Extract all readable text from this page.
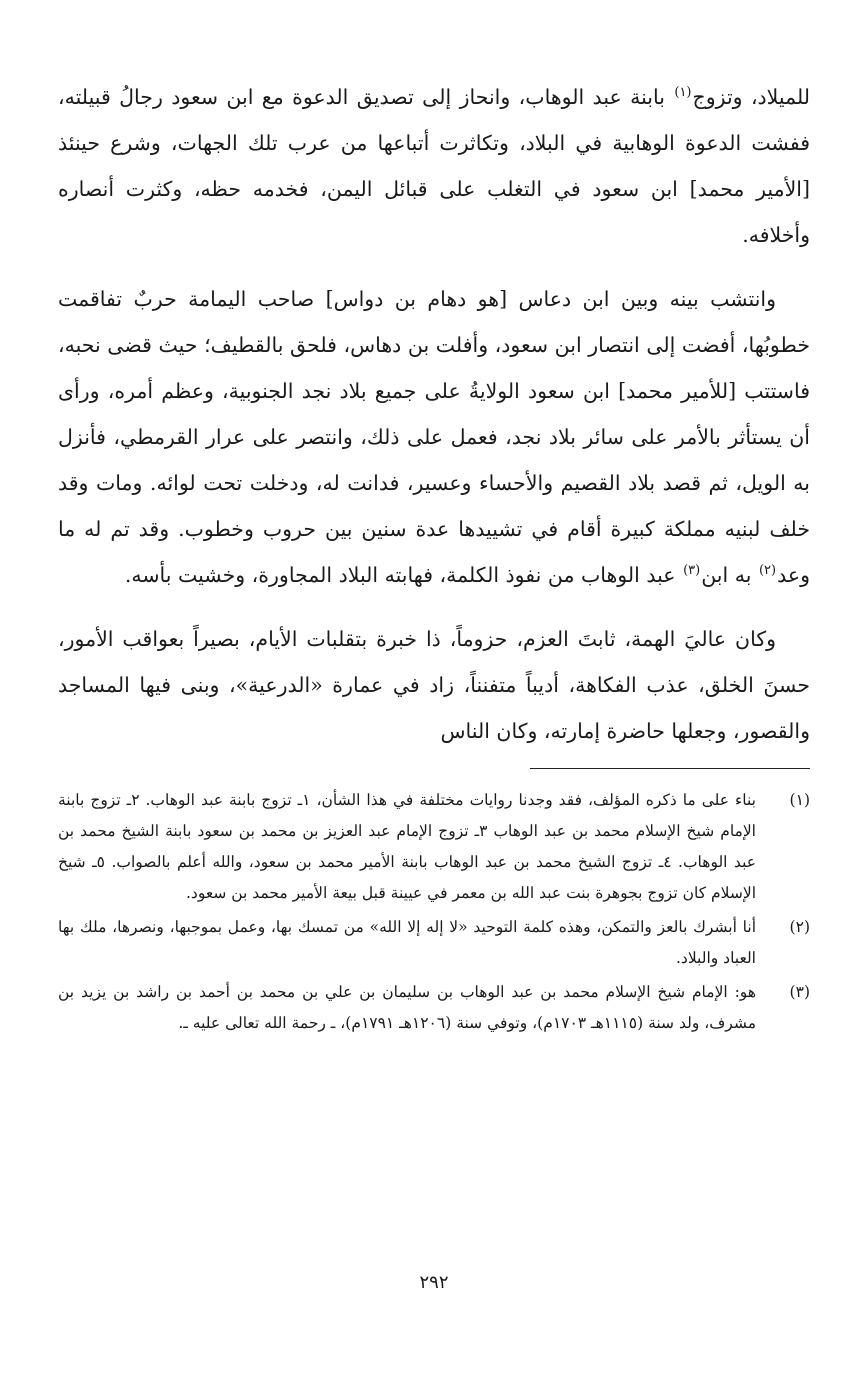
للميلاد، وتزوج$^{(١)}$ بابنة عبد الوهاب، وانحاز إلى تصديق الدعوة مع ابن سعود رجالُ قبيلته، ففشت الدعوة الوهابية في البلاد، وتكاثرت أتباعها من عرب تلك الجهات، وشرع حينئذ [الأمير محمد] ابن سعود في التغلب على قبائل اليمن، فخدمه حظه، وكثرت أنصاره وأخلافه.

وانتشب بينه وبين ابن دعاس [هو دهام بن دواس] صاحب اليمامة حربٌ تفاقمت خطوبُها، أفضت إلى انتصار ابن سعود، وأفلت بن دهاس، فلحق بالقطيف؛ حيث قضى نحبه، فاستتب [للأمير محمد] ابن سعود الولايةُ على جميع بلاد نجد الجنوبية، وعظم أمره، ورأى أن يستأثر بالأمر على سائر بلاد نجد، فعمل على ذلك، وانتصر على عرار القرمطي، فأنزل به الويل، ثم قصد بلاد القصيم والأحساء وعسير، فدانت له، ودخلت تحت لوائه. ومات وقد خلف لبنيه مملكة كبيرة أقام في تشييدها عدة سنين بين حروب وخطوب. وقد تم له ما وعد$^{(٢)}$ به ابن$^{(٣)}$ عبد الوهاب من نفوذ الكلمة، فهابته البلاد المجاورة، وخشيت بأسه.

وكان عاليَ الهمة، ثابتَ العزم، حزوماً، ذا خبرة بتقلبات الأيام، بصيراً بعواقب الأمور، حسنَ الخلق، عذب الفكاهة، أديباً متفنناً، زاد في عمارة «الدرعية»، وبنى فيها المساجد والقصور، وجعلها حاضرة إمارته، وكان الناس

(١)
بناء على ما ذكره المؤلف، فقد وجدنا روايات مختلفة في هذا الشأن، ١ـ تزوج بابنة عبد الوهاب. ٢ـ تزوج بابنة الإمام شيخ الإسلام محمد بن عبد الوهاب ٣ـ تزوج الإمام عبد العزيز بن محمد بن سعود بابنة الشيخ محمد بن عبد الوهاب. ٤ـ تزوج الشيخ محمد بن عبد الوهاب بابنة الأمير محمد بن سعود، والله أعلم بالصواب. ٥ـ شيخ الإسلام كان تزوج بجوهرة بنت عبد الله بن معمر في عيينة قبل بيعة الأمير محمد بن سعود.
(٢)
أنا أبشرك بالعز والتمكن، وهذه كلمة التوحيد «لا إله إلا الله» من تمسك بها، وعمل بموجبها، ونصرها، ملك بها العباد والبلاد.
(٣)
هو: الإمام شيخ الإسلام محمد بن عبد الوهاب بن سليمان بن علي بن محمد بن أحمد بن راشد بن يزيد بن مشرف، ولد سنة (١١١٥هـ ١٧٠٣م)، وتوفي سنة (١٢٠٦هـ ١٧٩١م)، ـ رحمة الله تعالى عليه ـ.
٢٩٢
